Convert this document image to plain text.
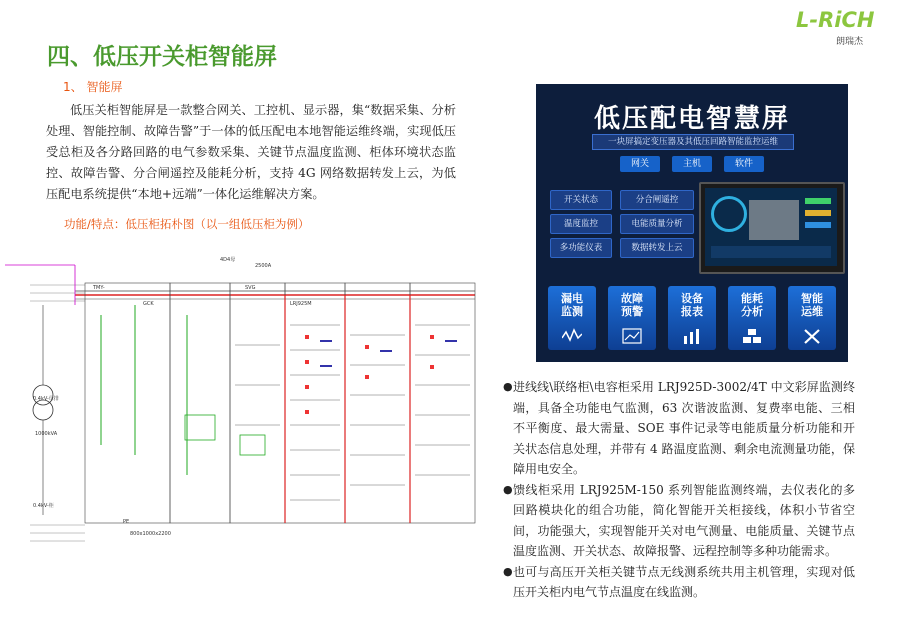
L-RiCH
朗瑞杰
四、低压开关柜智能屏
1、 智能屏
低压关柜智能屏是一款整合网关、工控机、显示器，集“数据采集、分析处理、智能控制、故障告警”于一体的低压配电本地智能运维终端，实现低压受总柜及各分路回路的电气参数采集、关键节点温度监测、柜体环境状态监控、故障告警、分合闸遥控及能耗分析，支持 4G 网络数据转发上云，为低压配电系统提供“本地+远端”一体化运维解决方案。
功能/特点：低压柜拓朴图（以一组低压柜为例）
4D4母
2500A
TMY-
GCK
SVG
LRJ925M
1000kVA
800x1000x2200
0.4kV-母排
0.4kV-柜
PE
低压配电智慧屏
一块屏搞定变压器及其低压回路智能监控运维
网关	主机	软件
开关状态	分合闸遥控
温度监控	电能质量分析
多功能仪表	数据转发上云
漏电
监测
故障
预警
设备
报表
能耗
分析
智能
运维
● 进线线\联络柜\电容柜采用 LRJ925D-3002/4T 中文彩屏监测终端，具备全功能电气监测，63 次谐波监测、复费率电能、三相不平衡度、最大需量、SOE 事件记录等电能质量分析功能和开关状态信息处理，并带有 4 路温度监测、剩余电流测量功能，保障用电安全。
● 馈线柜采用 LRJ925M-150 系列智能监测终端，去仪表化的多回路模块化的组合功能，简化智能开关柜接线，体积小节省空间，功能强大，实现智能开关对电气测量、电能质量、关键节点温度监测、开关状态、故障报警、远程控制等多种功能需求。
● 也可与高压开关柜关键节点无线测系统共用主机管理，实现对低压开关柜内电气节点温度在线监测。
